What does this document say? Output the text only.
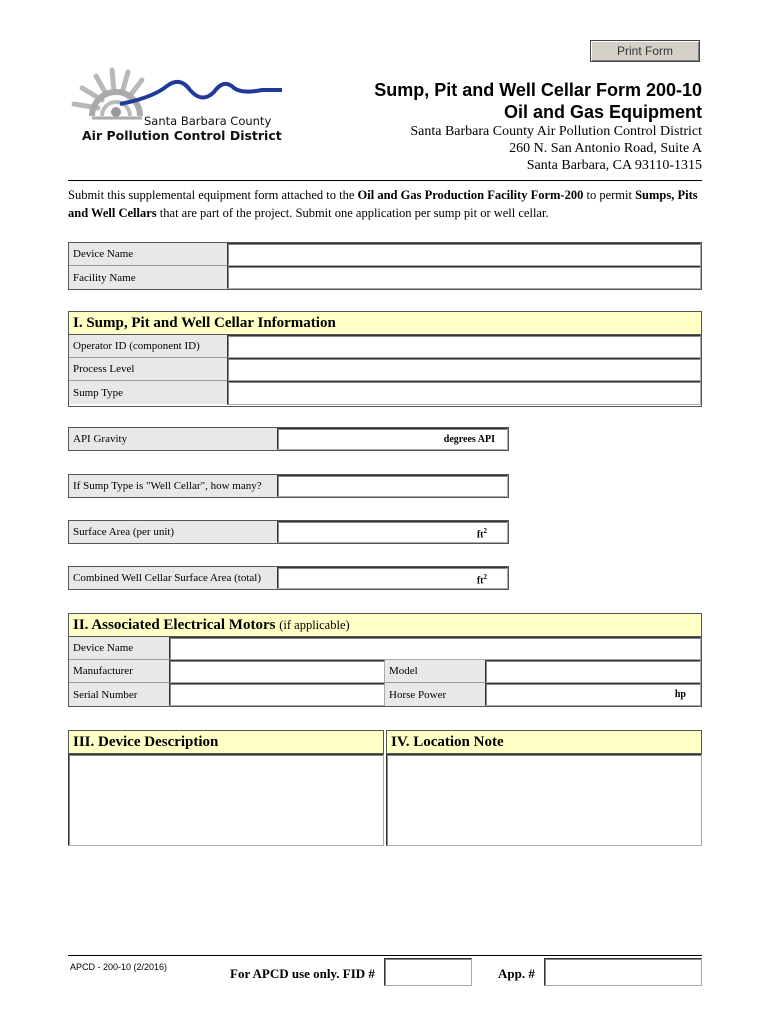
Print Form
Santa Barbara County
Air Pollution Control District
Sump, Pit and Well Cellar Form 200-10
Oil and Gas Equipment
Santa Barbara County Air Pollution Control District
260 N. San Antonio Road, Suite A
Santa Barbara, CA 93110-1315
Submit this supplemental equipment form attached to the Oil and Gas Production Facility Form-200 to permit Sumps, Pits and Well Cellars that are part of the project. Submit one application per sump pit or well cellar.
Device Name
Facility Name
I. Sump, Pit and Well Cellar Information
Operator ID (component ID)
Process Level
Sump Type
API Gravity	degrees API
If Sump Type is "Well Cellar", how many?
Surface Area (per unit)	$ft^2$
Combined Well Cellar Surface Area (total)	$ft^2$
II. Associated Electrical Motors
(if applicable)
Device Name
Manufacturer	Model
Serial Number	Horse Power	hp
III. Device Description	IV. Location Note
APCD - 200-10 (2/2016)	For APCD use only. FID #	App. #
